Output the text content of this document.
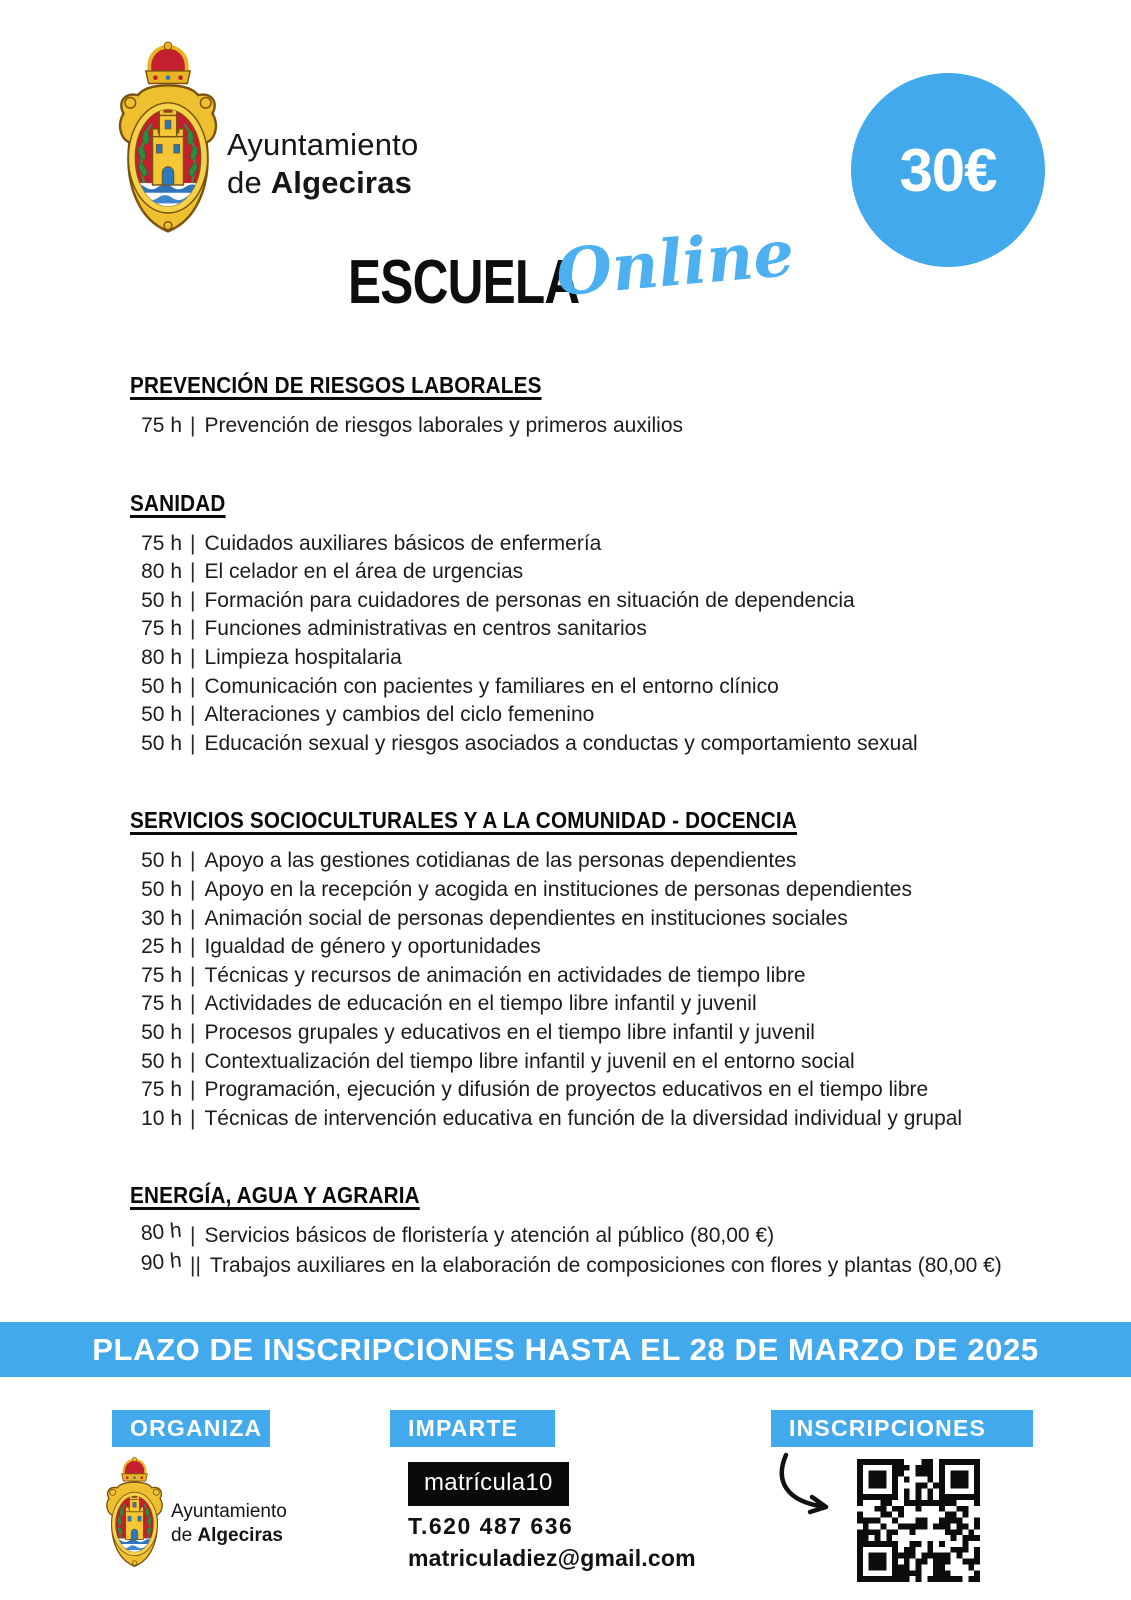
Ayuntamiento
de Algeciras
ESCUELA
Online
30€
PREVENCIÓN DE RIESGOS LABORALES
75 h | Prevención de riesgos laborales y primeros auxilios
SANIDAD
75 h | Cuidados auxiliares básicos de enfermería
80 h | El celador en el área de urgencias
50 h | Formación para cuidadores de personas en situación de dependencia
75 h | Funciones administrativas en centros sanitarios
80 h | Limpieza hospitalaria
50 h | Comunicación con pacientes y familiares en el entorno clínico
50 h | Alteraciones y cambios del ciclo femenino
50 h | Educación sexual y riesgos asociados a conductas y comportamiento sexual
SERVICIOS SOCIOCULTURALES Y A LA COMUNIDAD - DOCENCIA
50 h | Apoyo a las gestiones cotidianas de las personas dependientes
50 h | Apoyo en la recepción y acogida en instituciones de personas dependientes
30 h | Animación social de personas dependientes en instituciones sociales
25 h | Igualdad de género y oportunidades
75 h | Técnicas y recursos de animación en actividades de tiempo libre
75 h | Actividades de educación en el tiempo libre infantil y juvenil
50 h | Procesos grupales y educativos en el tiempo libre infantil y juvenil
50 h | Contextualización del tiempo libre infantil y juvenil en el entorno social
75 h | Programación, ejecución y difusión de proyectos educativos en el tiempo libre
10 h | Técnicas de intervención educativa en función de la diversidad individual y grupal
ENERGÍA, AGUA Y AGRARIA
80 h | Servicios básicos de floristería y atención al público (80,00 €)
90 h || Trabajos auxiliares en la elaboración de composiciones con flores y plantas (80,00 €)
PLAZO DE INSCRIPCIONES HASTA EL 28 DE MARZO DE 2025
ORGANIZA	IMPARTE	INSCRIPCIONES
Ayuntamiento
de Algeciras
matrícula10
T.620 487 636
matriculadiez@gmail.com
